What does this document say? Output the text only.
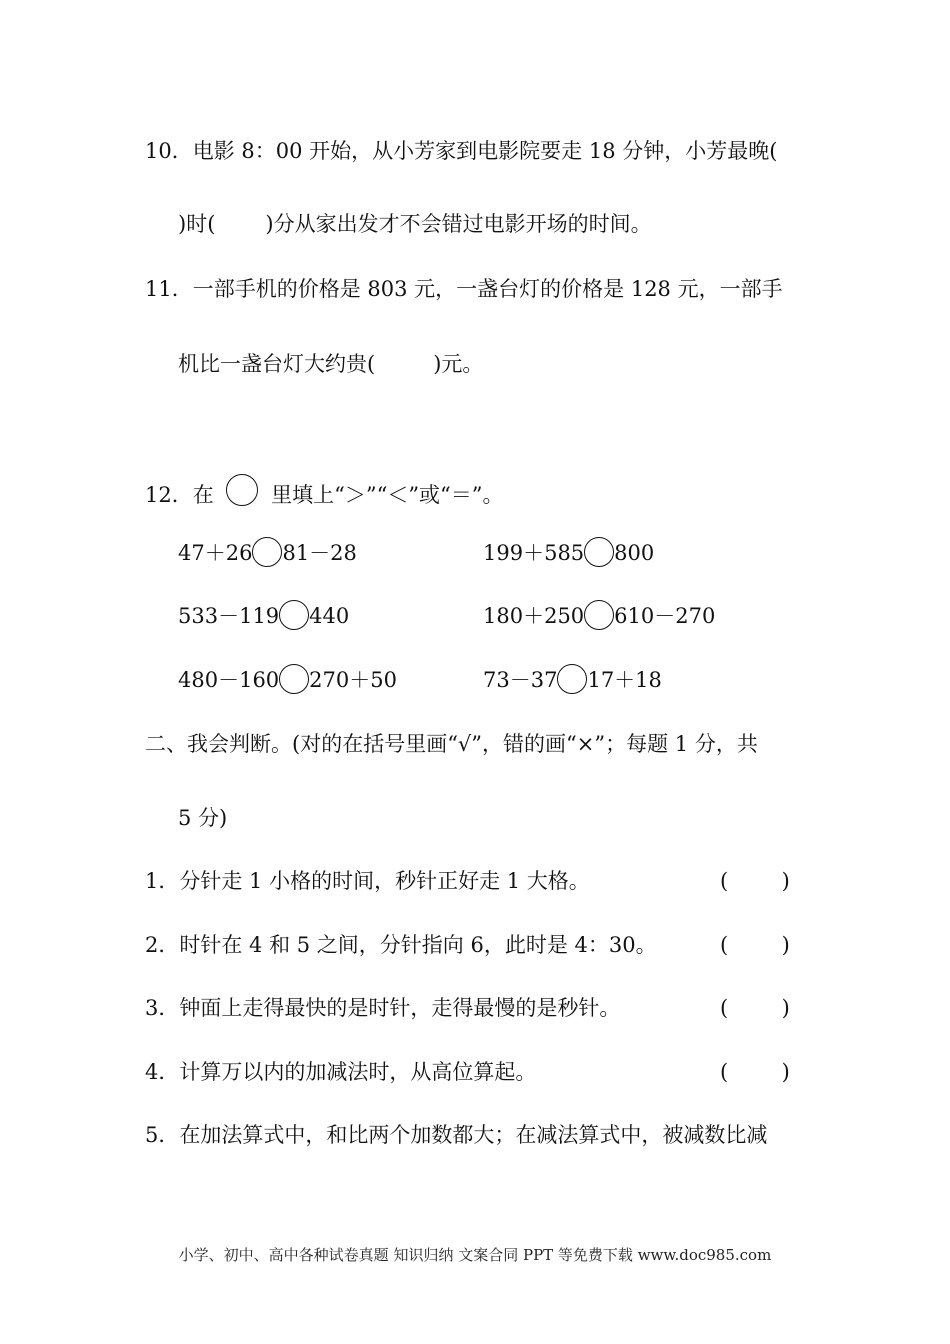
10．电影 8：00 开始，从小芳家到电影院要走 18 分钟，小芳最晚(
)时( )分从家出发才不会错过电影开场的时间。
11．一部手机的价格是 803 元，一盏台灯的价格是 128 元，一部手
机比一盏台灯大约贵(	)元。
12．在	里填上“＞”“＜”或“＝”。
47＋26 81－28	199＋585 800
533－119 440	180＋250 610－270
480－160 270＋50	73－37 17＋18
二、我会判断。(对的在括号里画“√”，错的画“×”；每题 1 分，共
5 分)
1．分针走 1 小格的时间，秒针正好走 1 大格。	(        )
2．时针在 4 和 5 之间，分针指向 6，此时是 4：30。	(        )
3．钟面上走得最快的是时针，走得最慢的是秒针。	(        )
4．计算万以内的加减法时，从高位算起。	(        )
5．在加法算式中，和比两个加数都大；在减法算式中，被减数比减
小学、初中、高中各种试卷真题 知识归纳 文案合同 PPT 等免费下载 www.doc985.com
